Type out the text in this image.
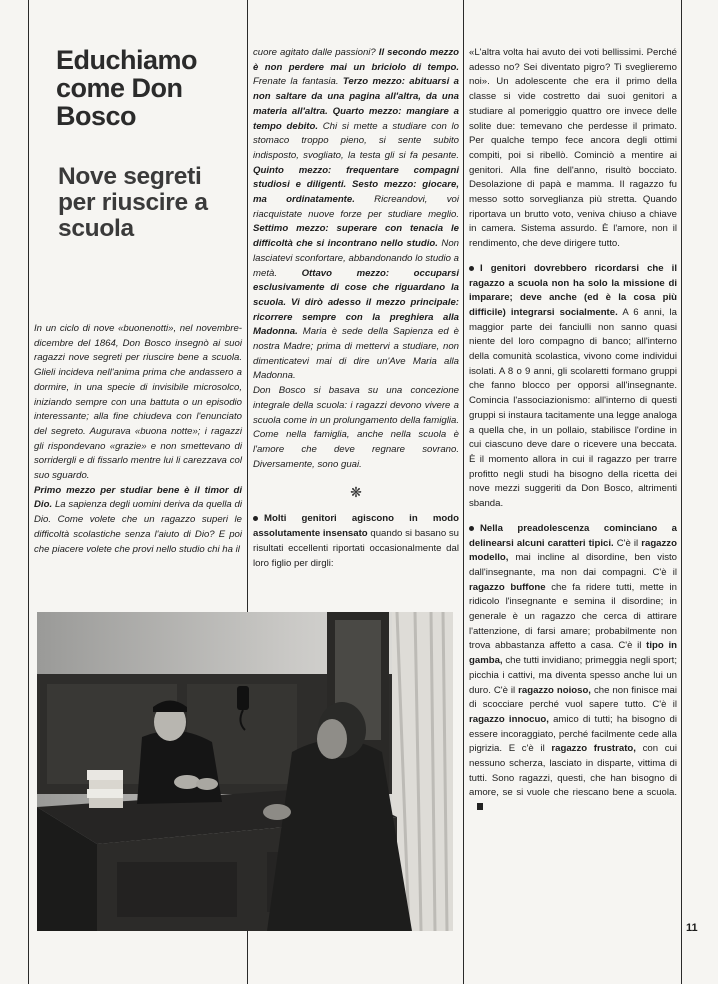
Educhiamo come Don Bosco
Nove segreti per riuscire a scuola

In un ciclo di nove «buonenotti», nel novembre-dicembre del 1864, Don Bosco insegnò ai suoi ragazzi nove segreti per riuscire bene a scuola. Glieli incideva nell'anima prima che andassero a dormire, in una specie di invisibile microsolco, iniziando sempre con una battuta o un episodio interessante; alla fine chiudeva con l'enunciato del segreto. Augurava «buona notte»; i ragazzi gli rispondevano «grazie» e non smettevano di sorridergli e di fissarlo mentre lui li carezzava col suo sguardo.

Primo mezzo per studiar bene è il timor di Dio. La sapienza degli uomini deriva da quella di Dio. Come volete che un ragazzo superi le difficoltà scolastiche senza l'aiuto di Dio? E poi che piacere volete che provi nello studio chi ha il

cuore agitato dalle passioni? Il secondo mezzo è non perdere mai un briciolo di tempo. Frenate la fantasia. Terzo mezzo: abituarsi a non saltare da una pagina all'altra, da una materia all'altra. Quarto mezzo: mangiare a tempo debito. Chi si mette a studiare con lo stomaco troppo pieno, si sente subito indisposto, svogliato, la testa gli si fa pesante. Quinto mezzo: frequentare compagni studiosi e diligenti. Sesto mezzo: giocare, ma ordinatamente. Ricreandovi, voi riacquistate nuove forze per studiare meglio. Settimo mezzo: superare con tenacia le difficoltà che si incontrano nello studio. Non lasciatevi sconfortare, abbandonando lo studio a metà.	Ottavo mezzo: occuparsi esclusivamente di cose che riguardano la scuola. Vi dirò adesso il mezzo principale: ricorrere sempre con la preghiera alla Madonna. Maria è sede della Sapienza ed è nostra Madre; prima di mettervi a studiare, non dimenticatevi mai di dire un'Ave Maria alla Madonna.

Don Bosco si basava su una concezione integrale della scuola: i ragazzi devono vivere a scuola come in un prolungamento della famiglia. Come nella famiglia, anche nella scuola è l'amore che deve regnare sovrano. Diversamente, sono guai.

❋

Molti genitori agiscono in modo assolutamente insensato quando si basano su risultati eccellenti riportati occasionalmente dal loro figlio per dirgli:

«L'altra volta hai avuto dei voti bellissimi. Perché adesso no? Sei diventato pigro? Ti sveglieremo noi». Un adolescente che era il primo della classe si vide costretto dai suoi genitori a studiare al pomeriggio quattro ore invece delle solite due: temevano che perdesse il primato. Per qualche tempo fece ancora degli ottimi compiti, poi si ribellò. Cominciò a mentire ai genitori. Alla fine dell'anno, risultò bocciato. Desolazione di papà e mamma. Il ragazzo fu messo sotto sorveglianza più stretta. Quando riportava un brutto voto, veniva chiuso a chiave in camera. Sistema assurdo. È l'amore, non il rendimento, che deve dirigere tutto.

I genitori dovrebbero ricordarsi che il ragazzo a scuola non ha solo la missione di imparare; deve anche (ed è la cosa più difficile) integrarsi socialmente. A 6 anni, la maggior parte dei fanciulli non sanno quasi niente del loro compagno di banco; all'interno della comunità scolastica, vivono come individui isolati. A 8 o 9 anni, gli scolaretti formano gruppi che fanno blocco per opporsi all'insegnante. Comincia l'associazionismo: all'interno di questi gruppi si instaura tacitamente una legge analoga a quella che, in un pollaio, stabilisce l'ordine in cui ciascuno deve dare o ricevere una beccata. È il momento allora in cui il ragazzo per trarre profitto negli studi ha bisogno della ricetta dei nove mezzi suggeriti da Don Bosco, altrimenti sbanda.

Nella preadolescenza cominciano a delinearsi alcuni caratteri tipici. C'è il ragazzo modello, mai incline al disordine, ben visto dall'insegnante, ma non dai compagni. C'è il ragazzo buffone che fa ridere tutti, mette in ridicolo l'insegnante e semina il disordine; in generale è un ragazzo che cerca di attirare l'attenzione, di farsi amare; probabilmente non trova abbastanza affetto a casa. C'è il tipo in gamba, che tutti invidiano; primeggia negli sport; picchia i cattivi, ma diventa spesso anche lui un duro. C'è il ragazzo noioso, che non finisce mai di scocciare perché vuol sapere tutto. C'è il ragazzo innocuo, amico di tutti; ha bisogno di essere incoraggiato, perché facilmente cede alla pigrizia. E c'è il ragazzo frustrato, con cui nessuno scherza, lasciato in disparte, vittima di tutti. Sono ragazzi, questi, che han bisogno di amore, se si vuole che riescano bene a scuola.

11
